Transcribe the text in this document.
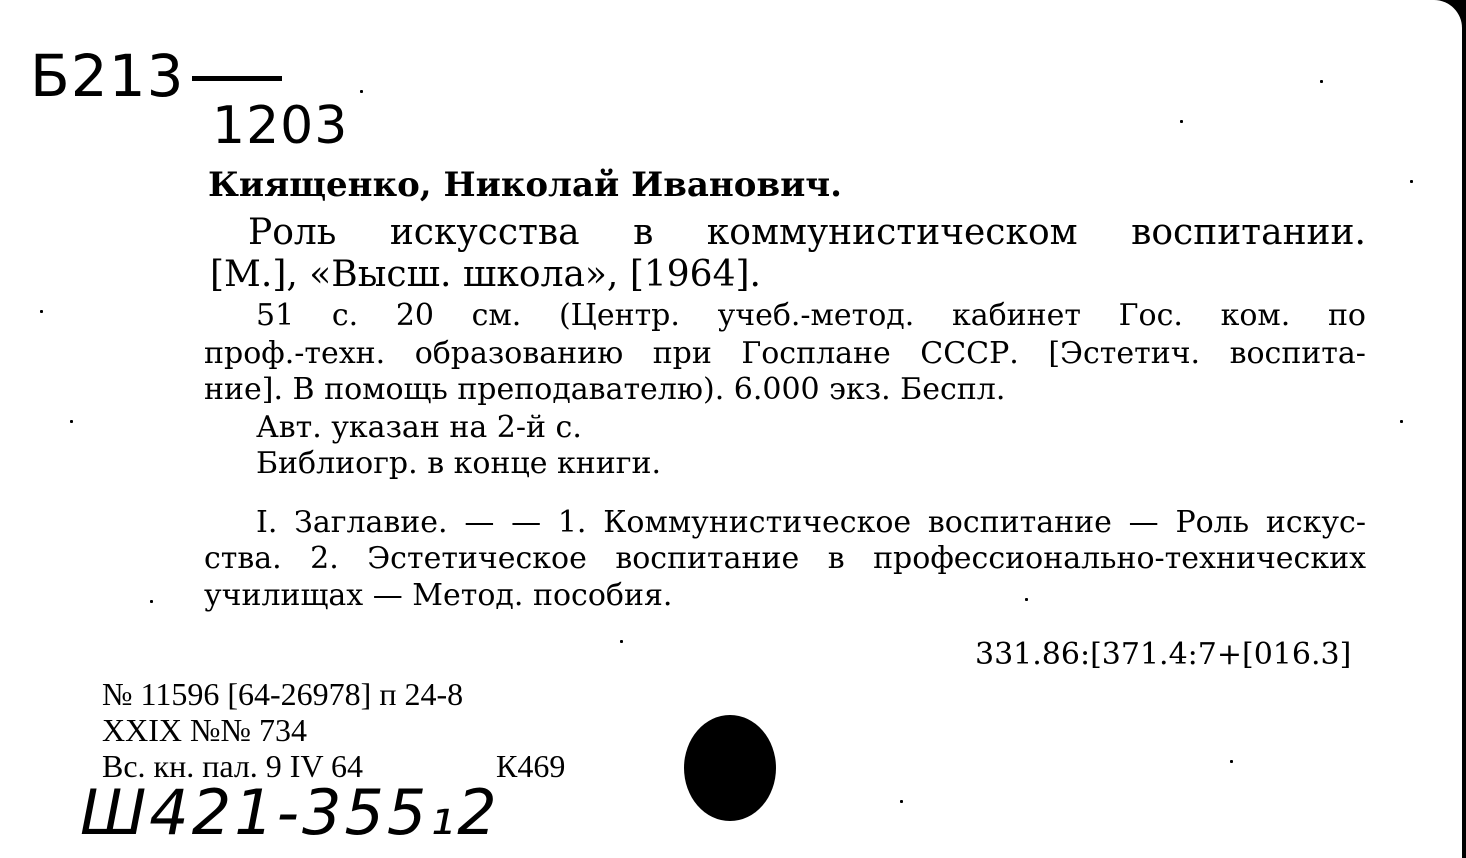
Б213
1203
Киященко, Николай Иванович.
Роль искусства в коммунистическом воспитании.
[М.], «Высш. школа», [1964].
51 с. 20 см. (Центр. учеб.-метод. кабинет Гос. ком. по
проф.-техн. образованию при Госплане СССР. [Эстетич. воспита-
ние]. В помощь преподавателю). 6.000 экз. Беспл.
Авт. указан на 2-й с.
Библиогр. в конце книги.
I. Заглавие. — — 1. Коммунистическое воспитание — Роль искус-
ства. 2. Эстетическое воспитание в профессионально-технических
училищах — Метод. пособия.
331.86:[371.4:7+[016.3]
№ 11596 [64-26978] п 24-8
XXIX №№ 734
Вс. кн. пал. 9 IV 64	К469
Ш421-355₁2
